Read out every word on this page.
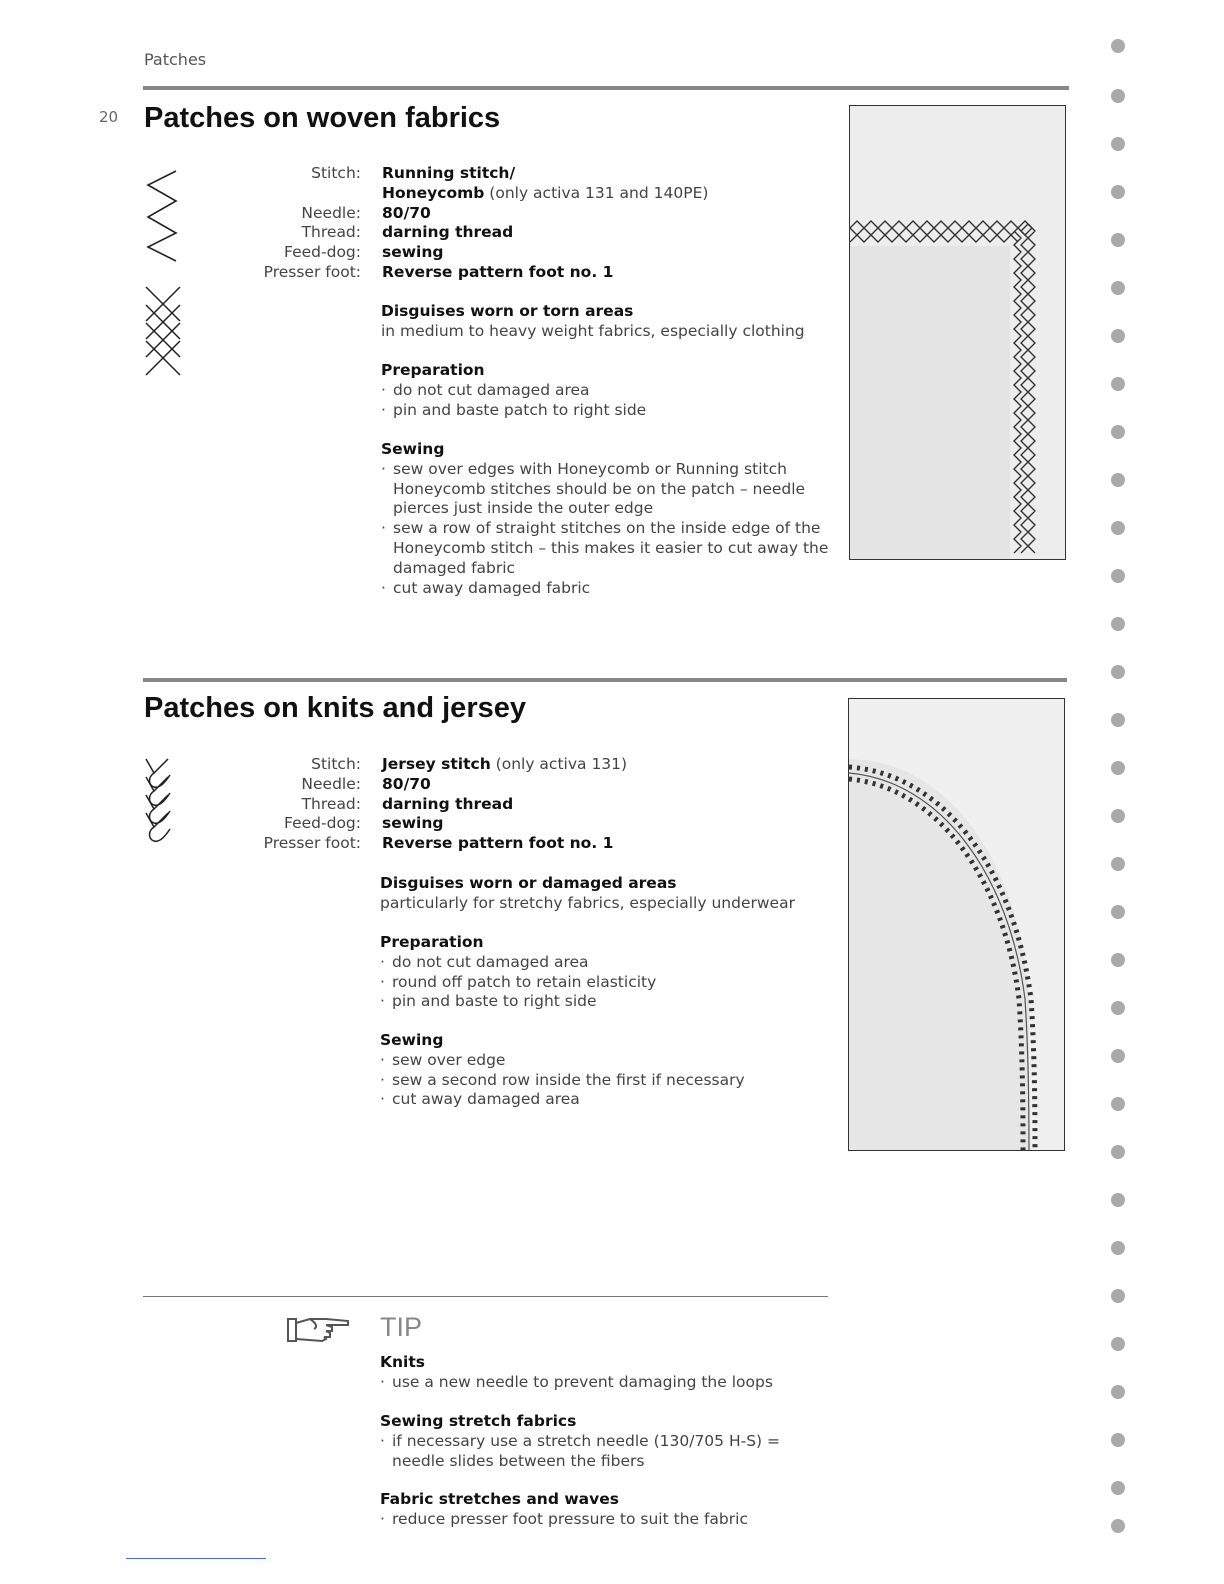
Patches
20 Patches on woven fabrics
Stitch:	Running stitch/
Honeycomb (only activa 131 and 140PE)
Needle:	80/70
Thread:	darning thread
Feed-dog:	sewing
Presser foot:	Reverse pattern foot no. 1
Disguises worn or torn areas
in medium to heavy weight fabrics, especially clothing
Preparation
· do not cut damaged area
· pin and baste patch to right side
Sewing
· sew over edges with Honeycomb or Running stitch Honeycomb stitches should be on the patch – needle pierces just inside the outer edge
· sew a row of straight stitches on the inside edge of the Honeycomb stitch – this makes it easier to cut away the damaged fabric
· cut away damaged fabric
Patches on knits and jersey
Stitch:	Jersey stitch (only activa 131)
Needle:	80/70
Thread:	darning thread
Feed-dog:	sewing
Presser foot:	Reverse pattern foot no. 1
Disguises worn or damaged areas
particularly for stretchy fabrics, especially underwear
Preparation
· do not cut damaged area
· round off patch to retain elasticity
· pin and baste to right side
Sewing
· sew over edge
· sew a second row inside the first if necessary
· cut away damaged area
TIP
Knits
· use a new needle to prevent damaging the loops
Sewing stretch fabrics
· if necessary use a stretch needle (130/705 H-S) = needle slides between the fibers
Fabric stretches and waves
· reduce presser foot pressure to suit the fabric
